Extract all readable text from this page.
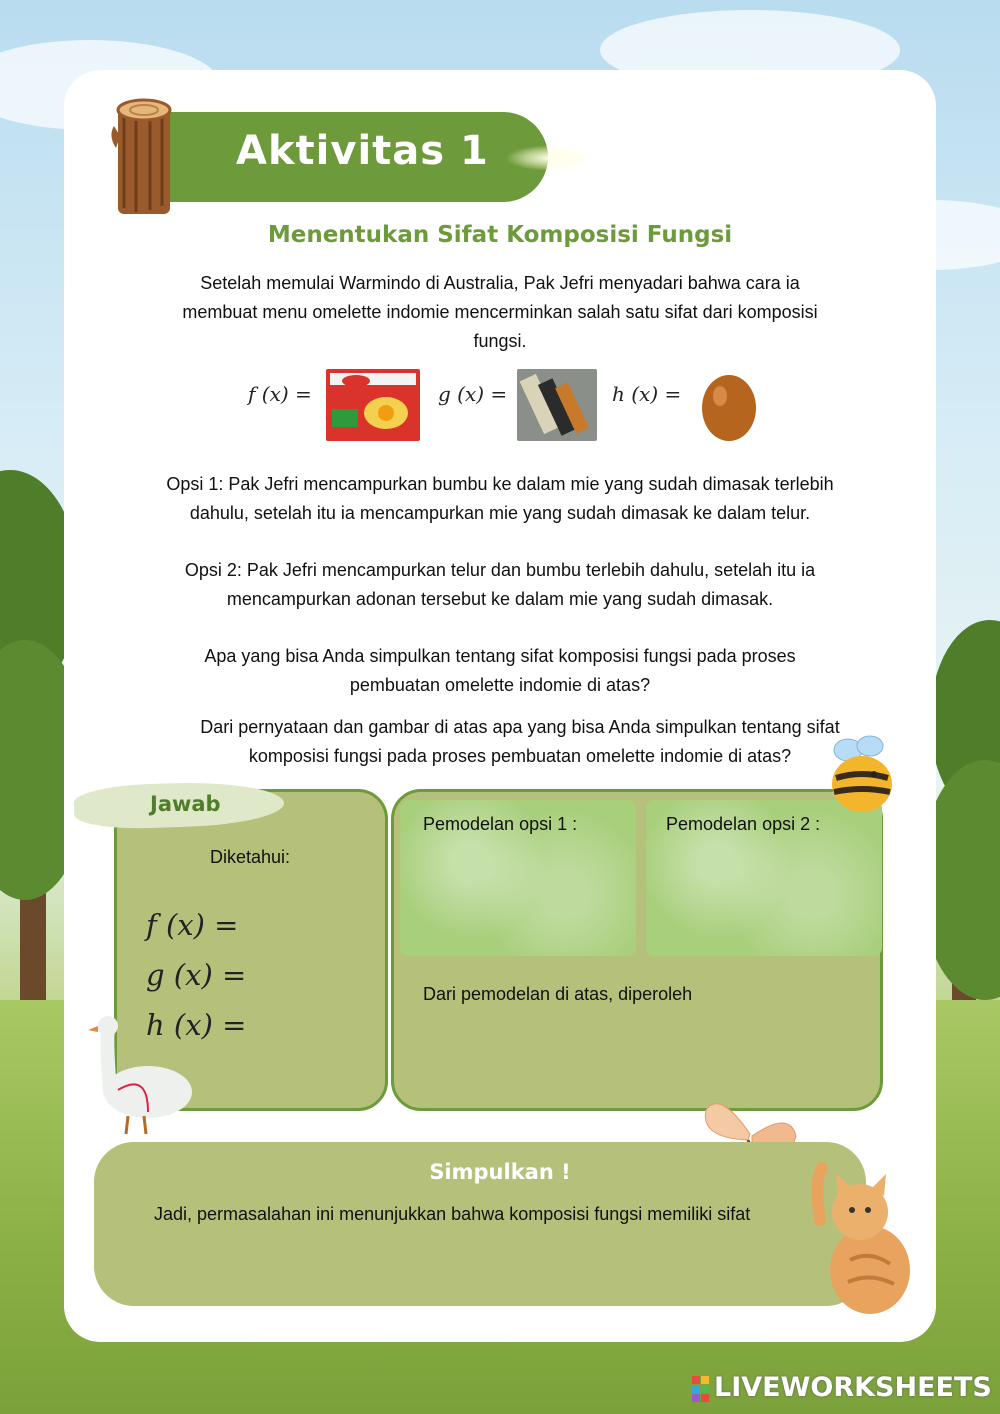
Aktivitas 1
Menentukan Sifat Komposisi Fungsi
Setelah memulai Warmindo di Australia, Pak Jefri menyadari bahwa cara ia membuat menu omelette indomie mencerminkan salah satu sifat dari komposisi fungsi.
f (x) =	g (x) =	h (x) =
Opsi 1: Pak Jefri mencampurkan bumbu ke dalam mie yang sudah dimasak terlebih dahulu, setelah itu ia mencampurkan mie yang sudah dimasak ke dalam telur.
Opsi 2: Pak Jefri mencampurkan telur dan bumbu terlebih dahulu, setelah itu ia mencampurkan adonan tersebut ke dalam mie yang sudah dimasak.
Apa yang bisa Anda simpulkan tentang sifat komposisi fungsi pada proses pembuatan omelette indomie di atas?
Dari pernyataan dan gambar di atas apa yang bisa Anda simpulkan tentang sifat komposisi fungsi pada proses pembuatan omelette indomie di atas?
Jawab
Diketahui:
f (x) =
g (x) =
h (x) =
Pemodelan opsi 1 :	Pemodelan opsi 2 :
Dari pemodelan di atas, diperoleh
Simpulkan !
Jadi, permasalahan ini menunjukkan bahwa komposisi fungsi memiliki sifat
LIVEWORKSHEETS
